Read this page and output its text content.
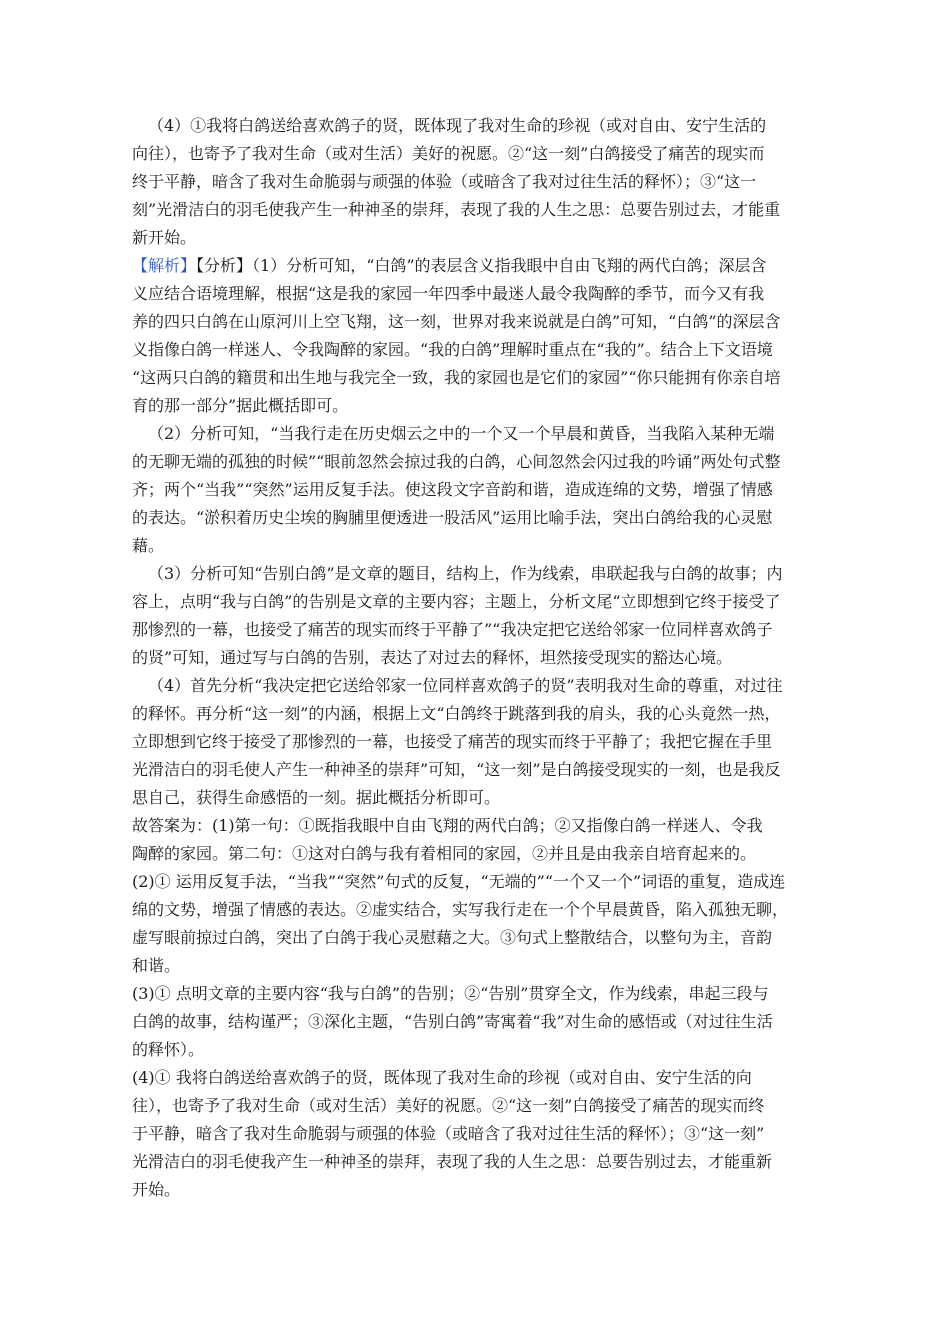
（4）①我将白鸽送给喜欢鸽子的贤，既体现了我对生命的珍视（或对自由、安宁生活的
向往），也寄予了我对生命（或对生活）美好的祝愿。②“这一刻”白鸽接受了痛苦的现实而
终于平静，暗含了我对生命脆弱与顽强的体验（或暗含了我对过往生活的释怀）；③“这一
刻”光滑洁白的羽毛使我产生一种神圣的崇拜，表现了我的人生之思：总要告别过去，才能重
新开始。
【解析】【分析】（1）分析可知，“白鸽”的表层含义指我眼中自由飞翔的两代白鸽；深层含
义应结合语境理解，根据“这是我的家园一年四季中最迷人最令我陶醉的季节，而今又有我
养的四只白鸽在山原河川上空飞翔，这一刻，世界对我来说就是白鸽”可知，“白鸽”的深层含
义指像白鸽一样迷人、令我陶醉的家园。“我的白鸽”理解时重点在“我的”。结合上下文语境
“这两只白鸽的籍贯和出生地与我完全一致，我的家园也是它们的家园”“你只能拥有你亲自培
育的那一部分”据此概括即可。
（2）分析可知，“当我行走在历史烟云之中的一个又一个早晨和黄昏，当我陷入某种无端
的无聊无端的孤独的时候”“眼前忽然会掠过我的白鸽，心间忽然会闪过我的吟诵”两处句式整
齐；两个“当我”“突然”运用反复手法。使这段文字音韵和谐，造成连绵的文势，增强了情感
的表达。“淤积着历史尘埃的胸脯里便透进一股活风”运用比喻手法，突出白鸽给我的心灵慰
藉。
（3）分析可知“告别白鸽”是文章的题目，结构上，作为线索，串联起我与白鸽的故事；内
容上，点明“我与白鸽”的告别是文章的主要内容；主题上，分析文尾“立即想到它终于接受了
那惨烈的一幕，也接受了痛苦的现实而终于平静了”“我决定把它送给邻家一位同样喜欢鸽子
的贤”可知，通过写与白鸽的告别，表达了对过去的释怀，坦然接受现实的豁达心境。
（4）首先分析“我决定把它送给邻家一位同样喜欢鸽子的贤”表明我对生命的尊重，对过往
的释怀。再分析“这一刻”的内涵，根据上文“白鸽终于跳落到我的肩头，我的心头竟然一热，
立即想到它终于接受了那惨烈的一幕，也接受了痛苦的现实而终于平静了；我把它握在手里
光滑洁白的羽毛使人产生一种神圣的崇拜”可知，“这一刻”是白鸽接受现实的一刻，也是我反
思自己，获得生命感悟的一刻。据此概括分析即可。
故答案为：(1)第一句：①既指我眼中自由飞翔的两代白鸽；②又指像白鸽一样迷人、令我
陶醉的家园。第二句：①这对白鸽与我有着相同的家园，②并且是由我亲自培育起来的。
(2)① 运用反复手法，“当我”“突然”句式的反复，“无端的”“一个又一个”词语的重复，造成连
绵的文势，增强了情感的表达。②虚实结合，实写我行走在一个个早晨黄昏，陷入孤独无聊，
虚写眼前掠过白鸽，突出了白鸽于我心灵慰藉之大。③句式上整散结合，以整句为主，音韵
和谐。
(3)① 点明文章的主要内容“我与白鸽”的告别；②“告别”贯穿全文，作为线索，串起三段与
白鸽的故事，结构谨严；③深化主题，“告别白鸽”寄寓着“我”对生命的感悟或（对过往生活
的释怀）。
(4)① 我将白鸽送给喜欢鸽子的贤，既体现了我对生命的珍视（或对自由、安宁生活的向
往），也寄予了我对生命（或对生活）美好的祝愿。②“这一刻”白鸽接受了痛苦的现实而终
于平静，暗含了我对生命脆弱与顽强的体验（或暗含了我对过往生活的释怀）；③“这一刻”
光滑洁白的羽毛使我产生一种神圣的崇拜，表现了我的人生之思：总要告别过去，才能重新
开始。
